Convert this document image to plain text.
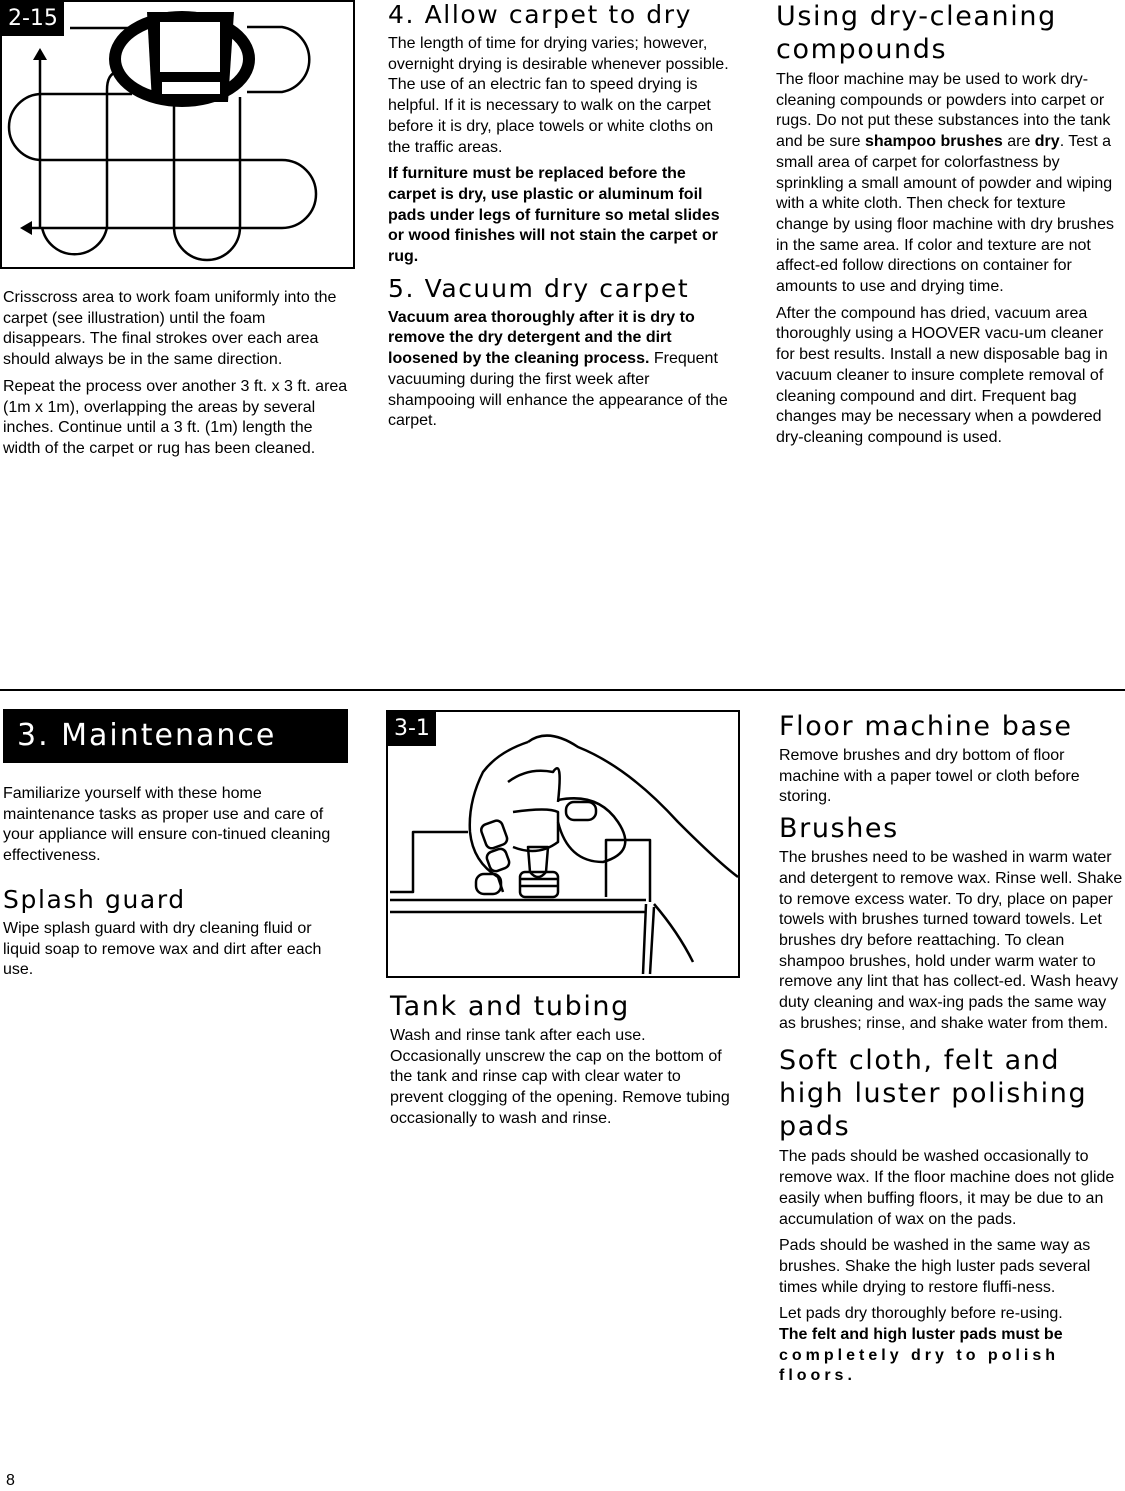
2-15

Crisscross area to work foam uniformly into the carpet (see illustration) until the foam disappears. The final strokes over each area should always be in the same direction.

Repeat the process over another 3 ft. x 3 ft. area (1m x 1m), overlapping the areas by several inches. Continue until a 3 ft. (1m) length the width of the carpet or rug has been cleaned.

4. Allow carpet to dry

The length of time for drying varies; however, overnight drying is desirable whenever possible. The use of an electric fan to speed drying is helpful. If it is necessary to walk on the carpet before it is dry, place towels or white cloths on the traffic areas.

If furniture must be replaced before the carpet is dry, use plastic or aluminum foil pads under legs of furniture so metal slides or wood finishes will not stain the carpet or rug.

5. Vacuum dry carpet

Vacuum area thoroughly after it is dry to remove the dry detergent and the dirt loosened by the cleaning process. Frequent vacuuming during the first week after shampooing will enhance the appearance of the carpet.

Using dry-cleaning compounds

The floor machine may be used to work dry-cleaning compounds or powders into carpet or rugs. Do not put these substances into the tank and be sure shampoo brushes are dry. Test a small area of carpet for colorfastness by sprinkling a small amount of powder and wiping with a white cloth. Then check for texture change by using floor machine with dry brushes in the same area. If color and texture are not affect-ed follow directions on container for amounts to use and drying time.

After the compound has dried, vacuum area thoroughly using a HOOVER vacu-um cleaner for best results. Install a new disposable bag in vacuum cleaner to insure complete removal of cleaning compound and dirt. Frequent bag changes may be necessary when a powdered dry-cleaning compound is used.

3. Maintenance

Familiarize yourself with these home maintenance tasks as proper use and care of your appliance will ensure con-tinued cleaning effectiveness.

Splash guard

Wipe splash guard with dry cleaning fluid or liquid soap to remove wax and dirt after each use.

3-1
Tank and tubing

Wash and rinse tank after each use. Occasionally unscrew the cap on the bottom of the tank and rinse cap with clear water to prevent clogging of the opening. Remove tubing occasionally to wash and rinse.

Floor machine base

Remove brushes and dry bottom of floor machine with a paper towel or cloth before storing.

Brushes

The brushes need to be washed in warm water and detergent to remove wax. Rinse well. Shake to remove excess water. To dry, place on paper towels with brushes turned toward towels. Let brushes dry before reattaching. To clean shampoo brushes, hold under warm water to remove any lint that has collect-ed. Wash heavy duty cleaning and wax-ing pads the same way as brushes; rinse, and shake water from them.

Soft cloth, felt and high luster polishing pads

The pads should be washed occasionally to remove wax. If the floor machine does not glide easily when buffing floors, it may be due to an accumulation of wax on the pads.

Pads should be washed in the same way as brushes. Shake the high luster pads several times while drying to restore fluffi-ness.

Let pads dry thoroughly before re-using.
The felt and high luster pads must be
completely dry to polish floors.

8
